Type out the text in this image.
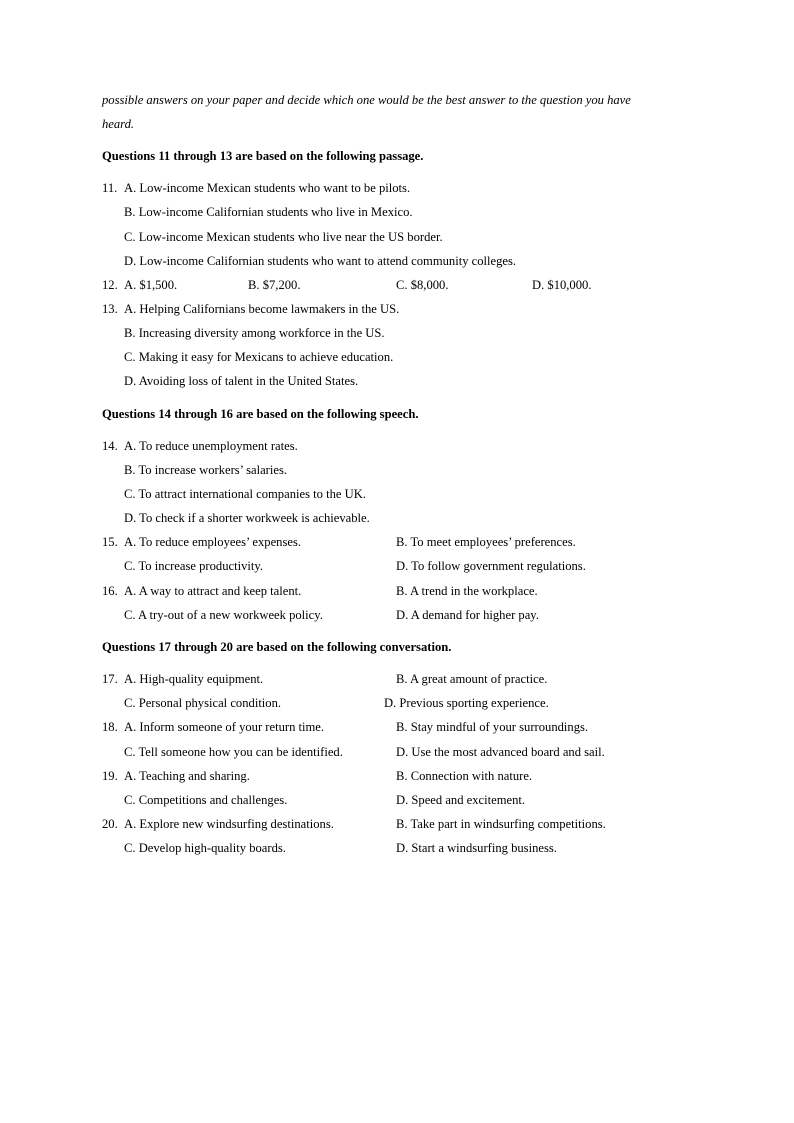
possible answers on your paper and decide which one would be the best answer to the question you have
heard.
Questions 11 through 13 are based on the following passage.
11. A. Low-income Mexican students who want to be pilots.
B. Low-income Californian students who live in Mexico.
C. Low-income Mexican students who live near the US border.
D. Low-income Californian students who want to attend community colleges.
12. A. $1,500.	B. $7,200.	C. $8,000.	D. $10,000.
13. A. Helping Californians become lawmakers in the US.
B. Increasing diversity among workforce in the US.
C. Making it easy for Mexicans to achieve education.
D. Avoiding loss of talent in the United States.
Questions 14 through 16 are based on the following speech.
14. A. To reduce unemployment rates.
B. To increase workers’ salaries.
C. To attract international companies to the UK.
D. To check if a shorter workweek is achievable.
15. A. To reduce employees’ expenses.	B. To meet employees’ preferences.
C. To increase productivity.	D. To follow government regulations.
16. A. A way to attract and keep talent.	B. A trend in the workplace.
C. A try-out of a new workweek policy.	D. A demand for higher pay.
Questions 17 through 20 are based on the following conversation.
17. A. High-quality equipment.	B. A great amount of practice.
C. Personal physical condition.	D. Previous sporting experience.
18. A. Inform someone of your return time.	B. Stay mindful of your surroundings.
C. Tell someone how you can be identified.	D. Use the most advanced board and sail.
19. A. Teaching and sharing.	B. Connection with nature.
C. Competitions and challenges.	D. Speed and excitement.
20. A. Explore new windsurfing destinations.	B. Take part in windsurfing competitions.
C. Develop high-quality boards.	D. Start a windsurfing business.
